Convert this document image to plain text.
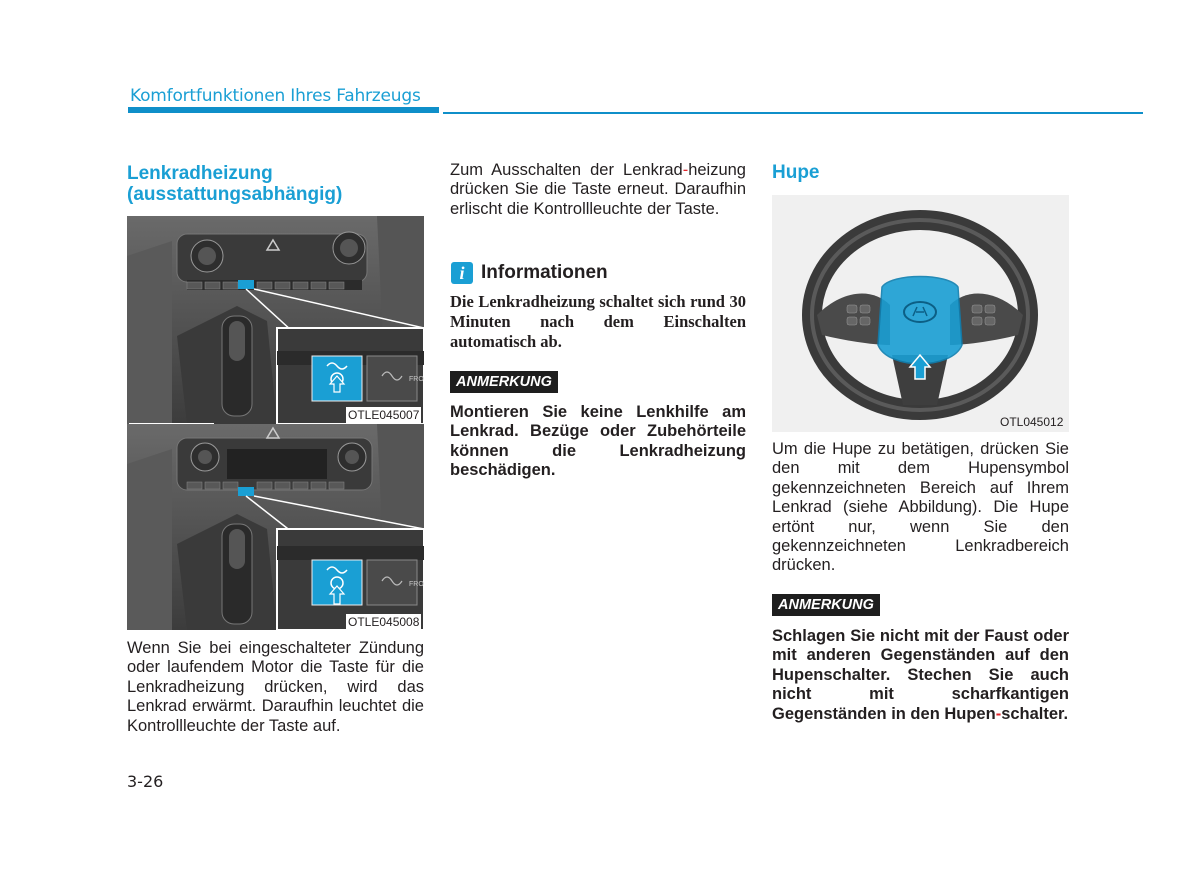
Komfortfunktionen Ihres Fahrzeugs
Lenkradheizung
(ausstattungsabhängig)
FRO
OTLE045007
FRO
OTLE045008
Wenn Sie bei eingeschalteter Zündung oder laufendem Motor die Taste für die Lenkradheizung drücken, wird das Lenkrad erwärmt. Daraufhin leuchtet die Kontrollleuchte der Taste auf.
Zum Ausschalten der Lenkrad-heizung drücken Sie die Taste erneut. Daraufhin erlischt die Kontrollleuchte der Taste.
i Informationen
Die Lenkradheizung schaltet sich rund 30 Minuten nach dem Einschalten automatisch ab.
ANMERKUNG
Montieren Sie keine Lenkhilfe am Lenkrad. Bezüge oder Zubehörteile können die Lenkradheizung beschädigen.
Hupe
OTL045012
Um die Hupe zu betätigen, drücken Sie den mit dem Hupensymbol gekennzeichneten Bereich auf Ihrem Lenkrad (siehe Abbildung). Die Hupe ertönt nur, wenn Sie den gekennzeichneten Lenkradbereich drücken.
ANMERKUNG
Schlagen Sie nicht mit der Faust oder mit anderen Gegenständen auf den Hupenschalter. Stechen Sie auch nicht mit scharfkantigen Gegenständen in den Hupen-schalter.
3-26
